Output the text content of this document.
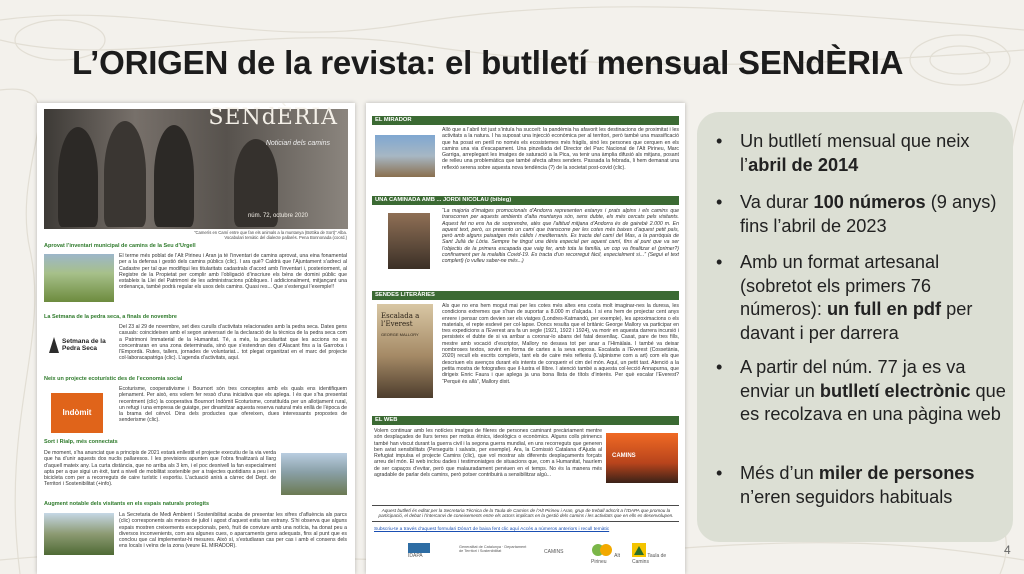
L’ORIGEN de la revista: el butlletí mensual SENdÈRIA
SENdÈRIA
Noticiari dels camins
núm. 72, octubre 2020
“Camerís en Camí entre que fan els animals a la muntanya (Bottika de Sort)” Alba. Vocabulari temàtic del dialecte pallarès. Pena Bonnonada (coord.)
Aprovat l’inventari municipal de camins de la Seu d’Urgell
El terme més poblat de l’Alt Pirineu i Aran ja té l’inventari de camins aprovat, una eina fonamental per a la defensa i gestió dels camins públics (clic). I ara què? Caldrà que l’Ajuntament s’adreci al Cadastre per tal que modifiqui les titularitats cadastrals d’acord amb l’inventari i, posteriorment, al Registre de la Propietat per complir amb l’obligació d’inscriure els béns de domini públic que estableix la Llei del Patrimoni de les administracions públiques. I addicionalment, mitjançant una ordenança, també podrà regular els usos dels camins. Quasi res... Que s’estengui l’exemple!!
La Setmana de la pedra seca, a finals de novembre
Setmana de la Pedra Seca
Del 23 al 29 de novembre, set dies curulls d’activitats relacionades amb la pedra seca. Dates gens casuals: coincideixen amb el segon aniversari de la declaració de la tècnica de la pedra seca com a Patrimoni Immaterial de la Humanitat. Té, a més, la peculiaritat que les accions no es concentraran en una zona determinada, sinó que s’estendran des d’Alacant fins a la Garrotxa i l’Empordà. Rutes, tallers, jornades de voluntariat... tot plegat organitzat en el marc del projecte col·laboracapatriga (clic). L’agenda d’activitats, aquí.
Neix un projecte ecoturístic des de l’economia social
Indòmit
Ecoturisme, cooperativisme i Bournort són tres conceptes amb els quals ens identifiquem plenament. Per això, ens volem fer ressò d’una iniciativa que els aplega. I és que s’ha presentat recentment (clic) la cooperativa Bournort Indòmit Ecoturisme, constituïda per un allotjament rural, un refugi i una empresa de guiatge, per dinamitzar aquesta reserva natural més enllà de l’època de la brama del cérvol. Dins dels productes que ofereixen, dues interessants propostes de senderisme (clic).
Sort i Rialp, més connectats
De moment, s’ha anunciat que a principis de 2021 estarà enllestit el projecte executiu de la via verda que ha d’unir aquests dos nuclis pallaresos. I les previsions apunten que l’obra finalitzarà al llarg d’aquell mateix any. La curta distància, que no arriba als 3 km, i el poc desnivell la fan especialment apta per a que sigui un èxit, tant a nivell de mobilitat sostenible per a trajectes quotidians a peu i en bicicleta com per a recorreguts de caire turístic i esportiu. L’actuació anirà a càrrec del Dept. de Territori i Sostenibilitat (+info).
Augment notable dels visitants en els espais naturals protegits
La Secretaria de Medi Ambient i Sostenibilitat acaba de presentar les xifres d’afluència als parcs (clic) corresponents als mesos de juliol i agost d’aquest estiu tan estrany. S’hi observa que alguns espais mostren creixements excepcionals, però, fruit de conviure amb una notícia, ha donat peu a diversos inconvenients, com ara algunes cues, o aparcaments gens adequats, fins al punt que es conclou que cal implementar-hi mesures. Això sí, s’estudiaran cas per cas i amb el consens dels ens locals i veïns de la zona (veure EL MIRADOR).
EL MIRADOR
Allò que a l’abril tot just s’intuïa ha succeït: la pandèmia ha afavorit les destinacions de proximitat i les activitats a la natura. I ha suposat una injecció econòmica per al territori, però també una massificació que ha posat en perill no només els ecosistemes més fràgils, sinó les persones que cerquen en els camins una via d’escapament. Una pinzellada del Director del Parc Nacional de l’Alt Pirineu, Marc Garriga, arreplegant les imatges de saturació a la Pica, va tenir una àmplia difusió als mitjans, posant de relleu una problemàtica que també afecta altres senders. Passada la febrada, li hem demanat una reflexió serena sobre aquesta nova tendència (?) de la societat post-covid (clic).
UNA CAMINADA AMB ... JORDI NICOLAU (bibleg)
“La majoria d’imatges promocionals d’Andorra representen estanys i prats alpins i els camins que transcorren per aquests ambients d’alta muntanya són, sens dubte, els més cercats pels visitants. Aquest fet no ens ha de sorprendre, atès que l’altitud mitjana d’Andorra és de gairebé 2.000 m. En aquest text, però, us presento un camí que transcorre per les cotes més baixes d’aquest petit país, però amb alguns paisatges més càlids i mediterranis. Es tracta del camí del Mas, a la parròquia de Sant Julià de Lòria. Sempre he tingut una dèria especial per aquest camí, fins al punt que va ser l’objectiu de la primera escapada que vaig fer, amb tota la família, un cop va finalitzar el (primer?) confinament per la malaltia Covid-19. Es tracta d’un recorregut fàcil, especialment si...” (Segui el text complert) (o vulleu saber-ne més...)
SENDES LITERÀRIES
Escalada a l’Everest
GEORGE MALLORY
Als que no ens hem mogut mai per les cotes més altes ens costa molt imaginar-nes la duresa, les condicions extremes que s’han de suportar a 8.000 m d’alçada. I si ens hem de projectar cent anys enrere i pensar com devien ser els viatges (Londres-Katmandú, per exemple), les aproximacions o els materials, el repte esdevé per col·lapse. Doncs resulta que el britànic George Mallory va participar en tres expedicions a l’Everest ara fa un segle (1921, 1922 i 1924), va morir en aquesta darrera incursió i persisteix el dubte de si va arribar a coronar-lo abans del fatal desenllaç. Casat, pare de tres fills, mestre amb vocació d’escriptor, Mallory no desava tot per anar a l’Himàlaia. I també va deixar nombroses textos, sovint en forma de cartes a la seva esposa. Escalada a l’Everest (Cossetània, 2020) recull els escrits complets, tant els de caire més reflexiu (L’alpinisme com a art) com els que descriuen els avenços durant els intents de conquerir el cim del món. Aquí, un petit tast. Atenció a la petita mostra de fotografies que il·lustra el llibre. I atenció també a aquesta col·lecció Annapurna, que dirigeix Enric Faura i que aplega ja una bona llista de títols d’interès. Per què escalar l’Everest? “Perquè és allà”, Mallory dixit.
EL WEB
Volem continuar amb les notícies imatges de fileres de persones caminant precàriament mentre són desplaçades de llurs terres per motius ètnics, ideològics o econòmics. Alguns colls pirinencs també han viscut durant la guerra civil i la segona guerra mundial, en uns recorreguts que generen ben aviat sensibilitats (Perseguits i salvats, per exemple). Ara, la Comissió Catalana d’Ajuda al Refugiat impulsa el projecte Camins (clic), que vol mostrar als diferents desplaçaments forçats arreu del món. El web inclou dades i testimoniatges de situacions que, com a Humanitat, hauríem de ser capaços d’evitar, però que malauradament perviuen en el temps. No és la manera més agradable de parlar dels camins, però potser contribuirà a sensibilitzar algú...
CAMINS
Aquest butlletí és editat per la Secretaria Tècnica de la Taula de Camins de l’Alt Pirineu i Aran, grup de treball adscrit a l’IDAPA que promou la participació, el debat i l’intercanvi de coneixements entre els actors implicats en la gestió dels camins i les activitats que en ells es desenvolupen.
Subscriu-te a través d’aquest formulari Dóna’t de baixa fent clic aquí Accés a números anteriors i recull temàtic
IDAPA
Generalitat de Catalunya · Departament de Territori i Sostenibilitat	CAMINS
Alt Pirineu
Taula de Camins
• Un butlletí mensual que neix l’abril de 2014
• Va durar 100 números (9 anys) fins l’abril de 2023
• Amb un format artesanal (sobretot els primers 76 números): un full en pdf per davant i per darrera
• A partir del núm. 77 ja es va enviar un butlletí electrònic que es recolzava en una pàgina web
• Més d’un miler de persones n’eren seguidors habituals
4
